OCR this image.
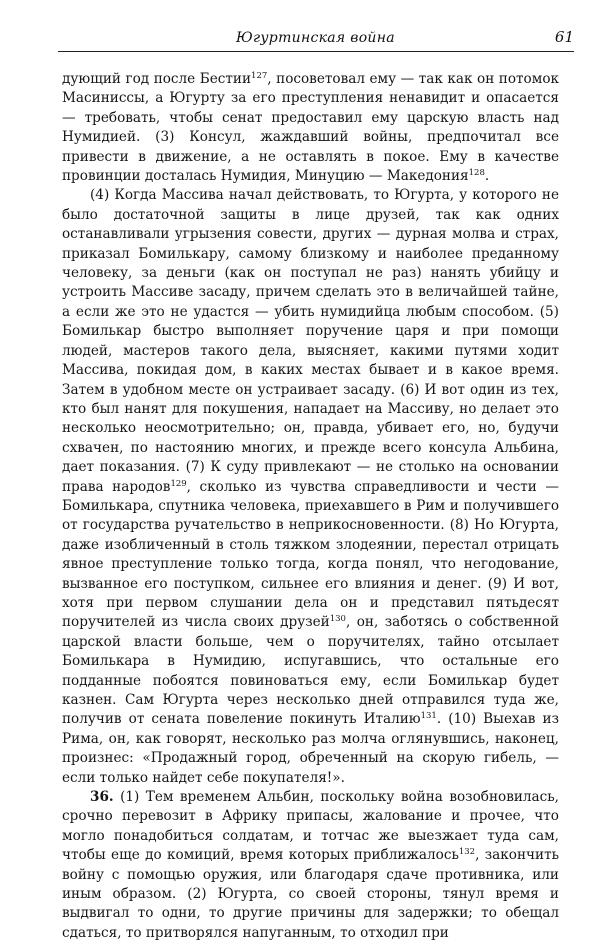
Югуртинская война	61

дующий год после Бестии$^{127}$, посоветовал ему — так как он потомок Масиниссы, а Югурту за его преступления ненавидит и опасается — требовать, чтобы сенат предоставил ему царскую власть над Нумидией. (3) Консул, жаждавший войны, предпочитал все привести в движение, а не оставлять в покое. Ему в качестве провинции досталась Нумидия, Минуцию — Македония$^{128}$.

(4) Когда Массива начал действовать, то Югурта, у которого не было достаточной защиты в лице друзей, так как одних останавливали угрызения совести, других — дурная молва и страх, приказал Бомилькару, самому близкому и наиболее преданному человеку, за деньги (как он поступал не раз) нанять убийцу и устроить Массиве засаду, причем сделать это в величайшей тайне, а если же это не удастся — убить нумидийца любым способом. (5) Бомилькар быстро выполняет поручение царя и при помощи людей, мастеров такого дела, выясняет, какими путями ходит Массива, покидая дом, в каких местах бывает и в какое время. Затем в удобном месте он устраивает засаду. (6) И вот один из тех, кто был нанят для покушения, нападает на Массиву, но делает это несколько неосмотрительно; он, правда, убивает его, но, будучи схвачен, по настоянию многих, и прежде всего консула Альбина, дает показания. (7) К суду привлекают — не столько на основании права народов$^{129}$, сколько из чувства справедливости и чести — Бомилькара, спутника человека, приехавшего в Рим и получившего от государства ручательство в неприкосновенности. (8) Но Югурта, даже изобличенный в столь тяжком злодеянии, перестал отрицать явное преступление только тогда, когда понял, что негодование, вызванное его поступком, сильнее его влияния и денег. (9) И вот, хотя при первом слушании дела он и представил пятьдесят поручителей из числа своих друзей$^{130}$, он, заботясь о собственной царской власти больше, чем о поручителях, тайно отсылает Бомилькара в Нумидию, испугавшись, что остальные его подданные побоятся повиноваться ему, если Бомилькар будет казнен. Сам Югурта через несколько дней отправился туда же, получив от сената повеление покинуть Италию$^{131}$. (10) Выехав из Рима, он, как говорят, несколько раз молча оглянувшись, наконец, произнес: «Продажный город, обреченный на скорую гибель, — если только найдет себе покупателя!».

36. (1) Тем временем Альбин, поскольку война возобновилась, срочно перевозит в Африку припасы, жалование и прочее, что могло понадобиться солдатам, и тотчас же выезжает туда сам, чтобы еще до комиций, время которых приближалось$^{132}$, закончить войну с помощью оружия, или благодаря сдаче противника, или иным образом. (2) Югурта, со своей стороны, тянул время и выдвигал то одни, то другие причины для задержки; то обещал сдаться, то притворялся напуганным, то отходил при
